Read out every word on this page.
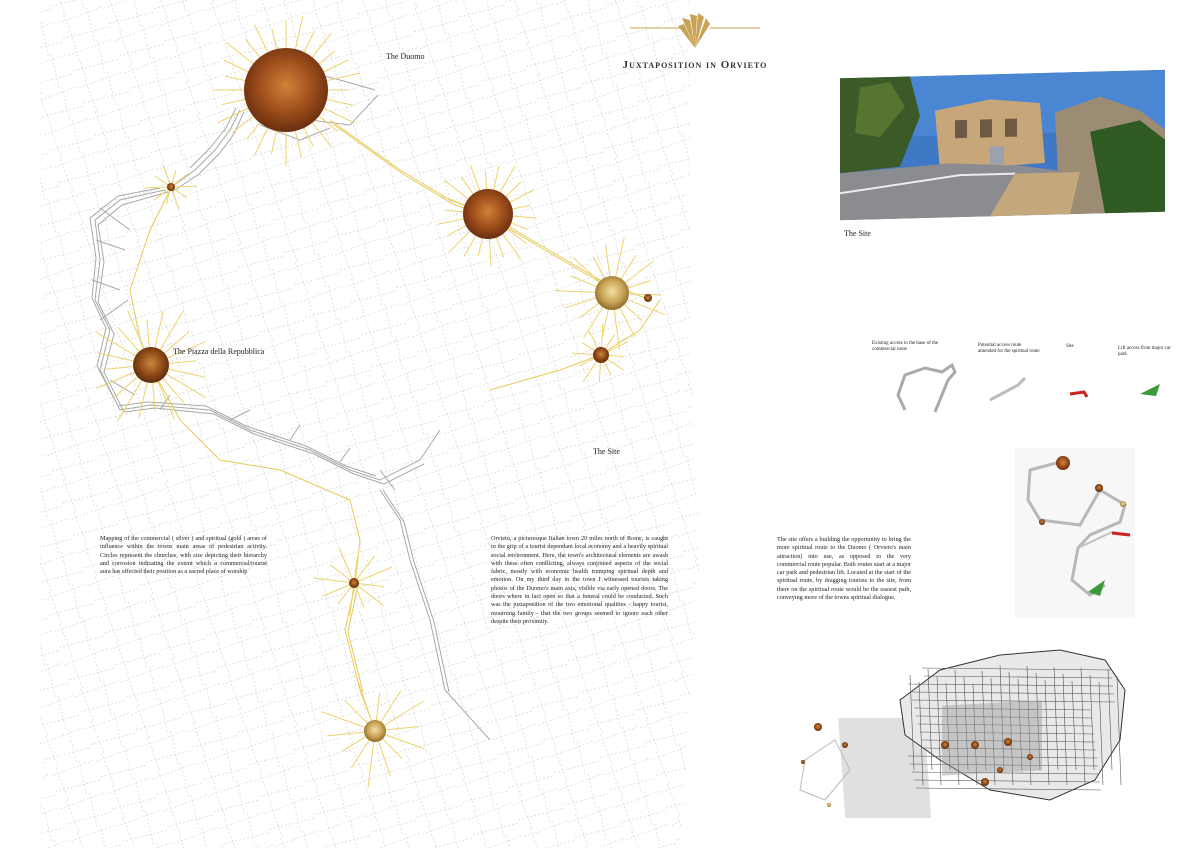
Juxtaposition in Orvieto
The Duomo
The Piazza della Repubblica
The Site
The Site
Existing access to the base of the commercial route
Potential access route amended for the spiritual route
Site	Lift access from major car park
Mapping of the commercial ( silver ) and spiritual (gold ) areas of influence within the towns main areas of pedestrian activity. Circles represent the churches, with size depicting their hierarchy and corrosion indicating the extent which a commercial/tourist aura has effected their position as a sacred place of worship
Orvieto, a picturesque Italian town 20 miles north of Rome, is caught in the grip of a tourist dependant local economy and a heavily spiritual social environment. Here, the town's architectural elements are awash with these often conflicting, always conjoined aspects of the social fabric, mostly with economic health trumping spiritual depth and emotion. On my third day in the town I witnessed tourists taking photos of the Duomo's main axis, visible via early opened doors. The doors where in fact open so that a funeral could be conducted. Such was the juxtaposition of the two emotional qualities - happy tourist, mourning family - that the two groups seemed to ignore each other despite their proximity.
The site offers a building the opportunity to bring the more spiritual route to the Duomo ( Orvieto's main attraction) into use, as opposed to the very commercial route popular. Both routes start at a major car park and pedestrian lift. Located at the start of the spiritual route, by dragging tourists to the site, from there on the spiritual route would be the easiest path, conveying more of the towns spiritual dialogue.
